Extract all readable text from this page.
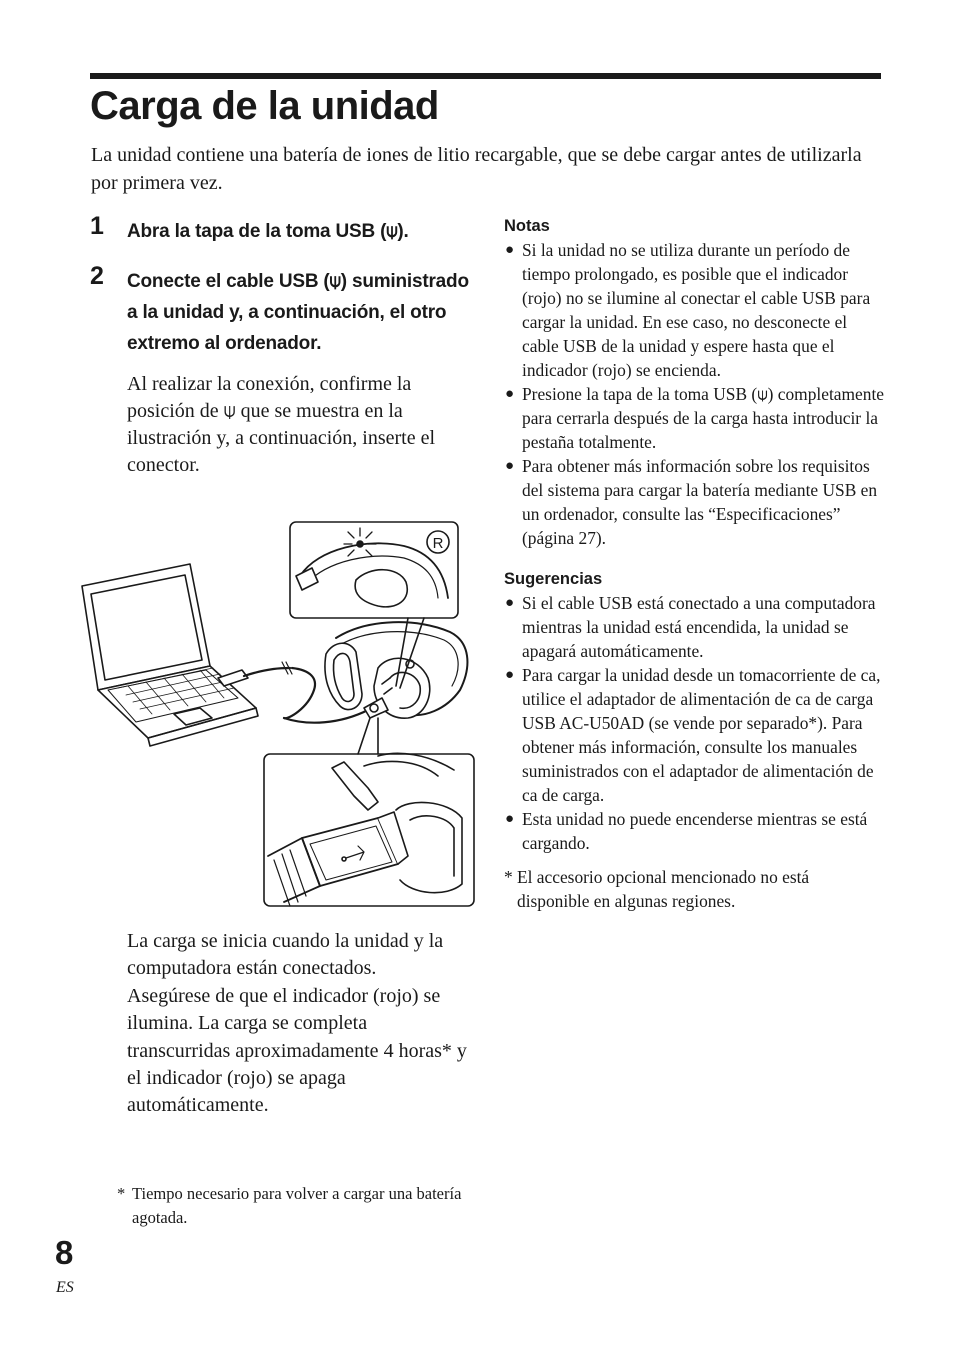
Carga de la unidad

La unidad contiene una batería de iones de litio recargable, que se debe cargar antes de utilizarla por primera vez.

1 Abra la tapa de la toma USB (⍦).

2 Conecte el cable USB (⍦) suministrado a la unidad y, a continuación, el otro extremo al ordenador.

Al realizar la conexión, confirme la posición de ⍦ que se muestra en la ilustración y, a continuación, inserte el conector.

R

La carga se inicia cuando la unidad y la computadora están conectados.

Asegúrese de que el indicador (rojo) se ilumina. La carga se completa transcurridas aproximadamente 4 horas* y el indicador (rojo) se apaga automáticamente.

* Tiempo necesario para volver a cargar una batería agotada.

Notas

● Si la unidad no se utiliza durante un período de tiempo prolongado, es posible que el indicador (rojo) no se ilumine al conectar el cable USB para cargar la unidad. En ese caso, no desconecte el cable USB de la unidad y espere hasta que el indicador (rojo) se encienda.
● Presione la tapa de la toma USB (⍦) completamente para cerrarla después de la carga hasta introducir la pestaña totalmente.
● Para obtener más información sobre los requisitos del sistema para cargar la batería mediante USB en un ordenador, consulte las “Especificaciones” (página 27).

Sugerencias

● Si el cable USB está conectado a una computadora mientras la unidad está encendida, la unidad se apagará automáticamente.
● Para cargar la unidad desde un tomacorriente de ca, utilice el adaptador de alimentación de ca de carga USB AC-U50AD (se vende por separado*). Para obtener más información, consulte los manuales suministrados con el adaptador de alimentación de ca de carga.
● Esta unidad no puede encenderse mientras se está cargando.
* El accesorio opcional mencionado no está disponible en algunas regiones.
8
ES
